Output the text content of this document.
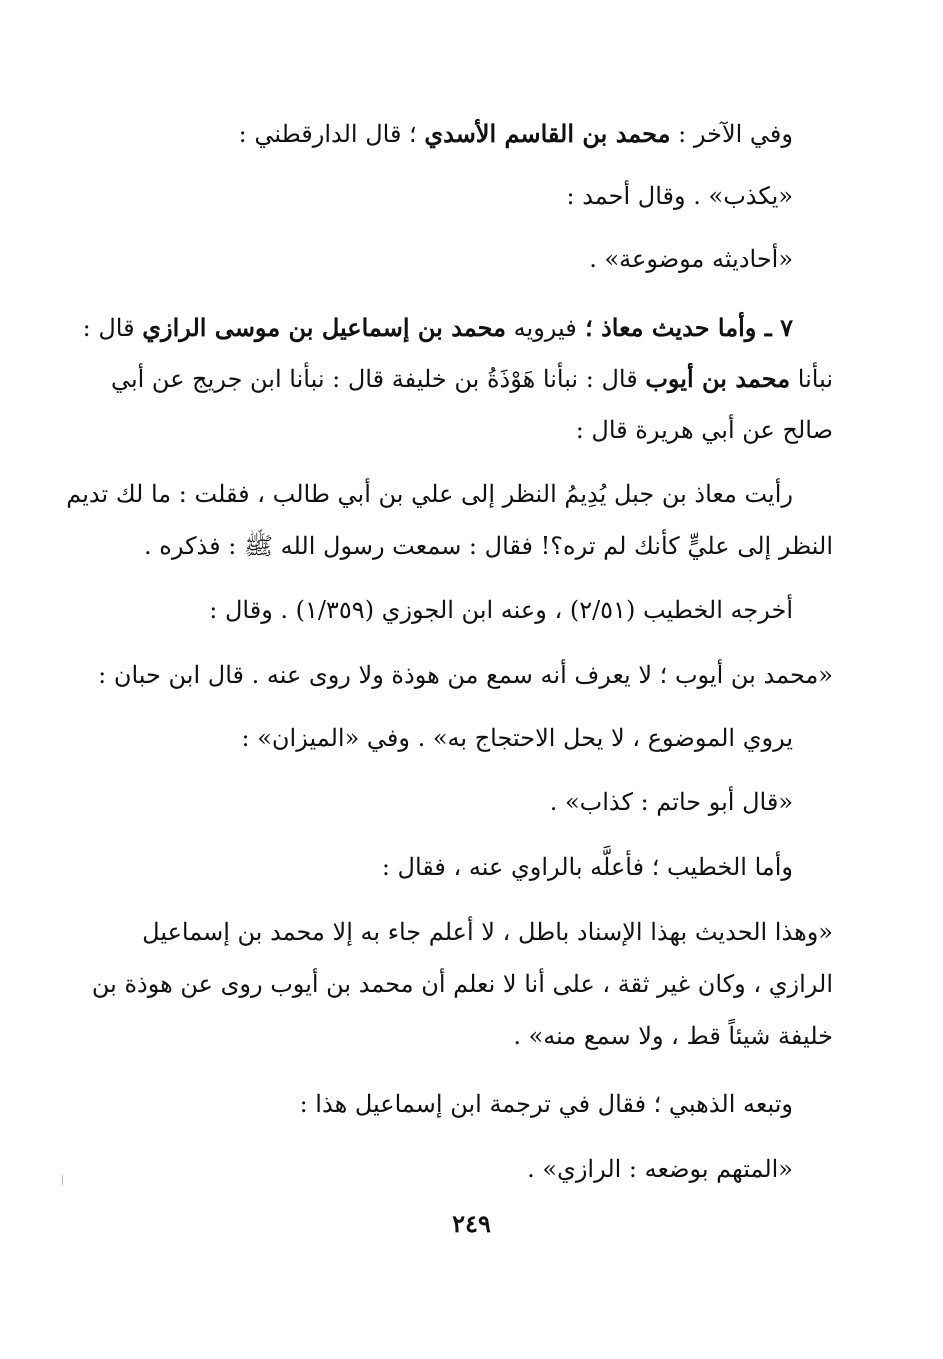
وفي الآخر : محمد بن القاسم الأسدي ؛ قال الدارقطني :
«يكذب» . وقال أحمد :
«أحاديثه موضوعة» .
٧ ـ وأما حديث معاذ ؛ فيرويه محمد بن إسماعيل بن موسى الرازي قال :
نبأنا محمد بن أيوب قال : نبأنا هَوْذَةُ بن خليفة قال : نبأنا ابن جريج عن أبي
صالح عن أبي هريرة قال :
رأيت معاذ بن جبل يُدِيمُ النظر إلى علي بن أبي طالب ، فقلت : ما لك تديم
النظر إلى عليٍّ كأنك لم تره؟! فقال : سمعت رسول الله ﷺ : فذكره .
أخرجه الخطيب (٢/٥١) ، وعنه ابن الجوزي (١/٣٥٩) . وقال :
«محمد بن أيوب ؛ لا يعرف أنه سمع من هوذة ولا روى عنه . قال ابن حبان :
يروي الموضوع ، لا يحل الاحتجاج به» . وفي «الميزان» :
«قال أبو حاتم : كذاب» .
وأما الخطيب ؛ فأعلَّه بالراوي عنه ، فقال :
«وهذا الحديث بهذا الإسناد باطل ، لا أعلم جاء به إلا محمد بن إسماعيل
الرازي ، وكان غير ثقة ، على أنا لا نعلم أن محمد بن أيوب روى عن هوذة بن
خليفة شيئاً قط ، ولا سمع منه» .
وتبعه الذهبي ؛ فقال في ترجمة ابن إسماعيل هذا :
«المتهم بوضعه : الرازي» .
٢٤٩
